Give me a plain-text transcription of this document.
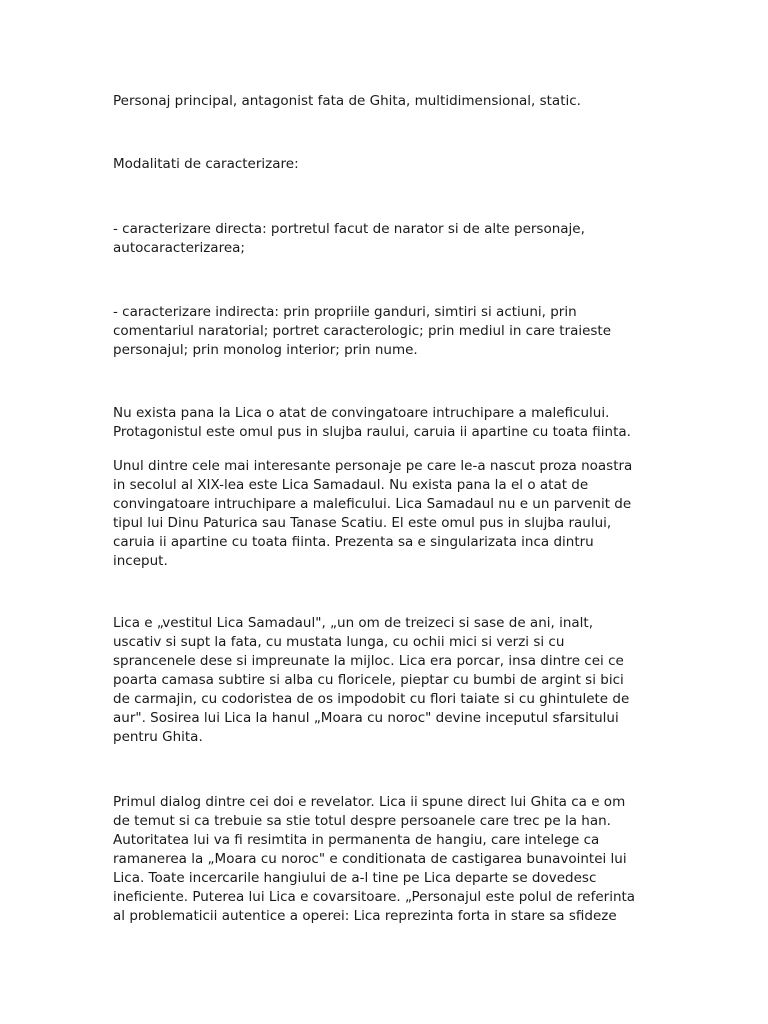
Personaj principal, antagonist fata de Ghita, multidimensional, static.

Modalitati de caracterizare:

- caracterizare directa: portretul facut de narator si de alte personaje,
autocaracterizarea;

- caracterizare indirecta: prin propriile ganduri, simtiri si actiuni, prin
comentariul naratorial; portret caracterologic; prin mediul in care traieste
personajul; prin monolog interior; prin nume.

Nu exista pana la Lica o atat de convingatoare intruchipare a maleficului.
Protagonistul este omul pus in slujba raului, caruia ii apartine cu toata fiinta.

Unul dintre cele mai interesante personaje pe care le-a nascut proza noastra
in secolul al XIX-lea este Lica Samadaul. Nu exista pana la el o atat de
convingatoare intruchipare a maleficului. Lica Samadaul nu e un parvenit de
tipul lui Dinu Paturica sau Tanase Scatiu. El este omul pus in slujba raului,
caruia ii apartine cu toata fiinta. Prezenta sa e singularizata inca dintru
inceput.

Lica e „vestitul Lica Samadaul", „un om de treizeci si sase de ani, inalt,
uscativ si supt la fata, cu mustata lunga, cu ochii mici si verzi si cu
sprancenele dese si impreunate la mijloc. Lica era porcar, insa dintre cei ce
poarta camasa subtire si alba cu floricele, pieptar cu bumbi de argint si bici
de carmajin, cu codoristea de os impodobit cu flori taiate si cu ghintulete de
aur". Sosirea lui Lica la hanul „Moara cu noroc" devine inceputul sfarsitului
pentru Ghita.

Primul dialog dintre cei doi e revelator. Lica ii spune direct lui Ghita ca e om
de temut si ca trebuie sa stie totul despre persoanele care trec pe la han.
Autoritatea lui va fi resimtita in permanenta de hangiu, care intelege ca
ramanerea la „Moara cu noroc" e conditionata de castigarea bunavointei lui
Lica. Toate incercarile hangiului de a-l tine pe Lica departe se dovedesc
ineficiente. Puterea lui Lica e covarsitoare. „Personajul este polul de referinta
al problematicii autentice a operei: Lica reprezinta forta in stare sa sfideze
